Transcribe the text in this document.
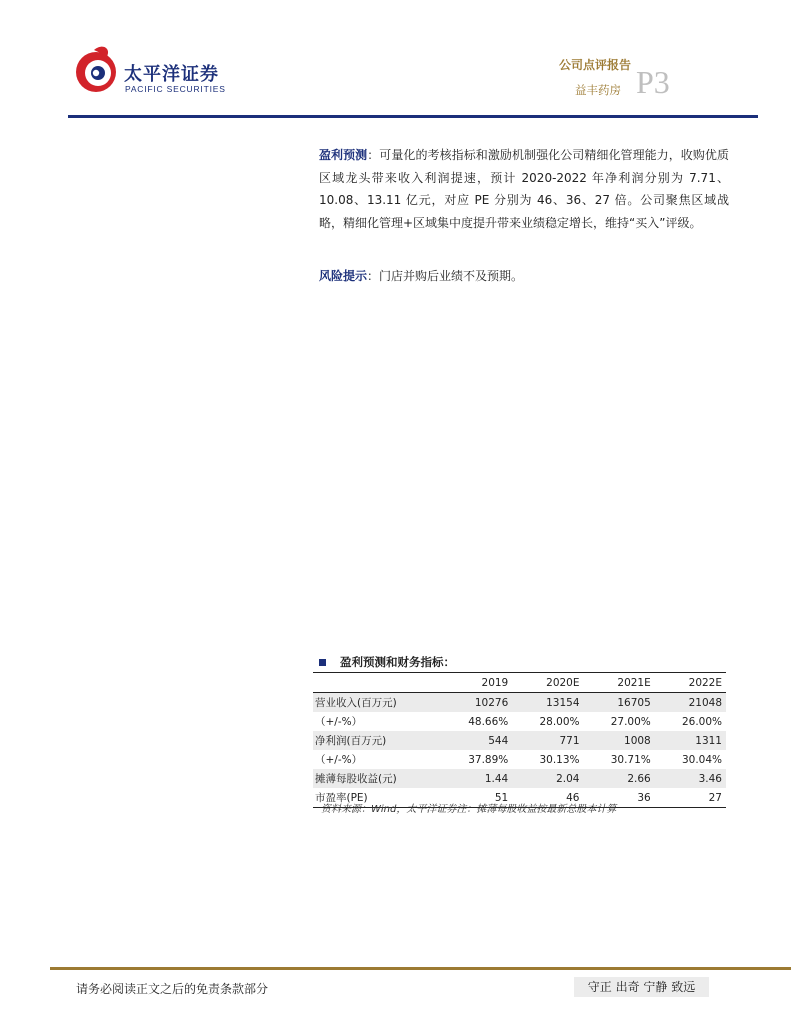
太平洋证券
PACIFIC SECURITIES
公司点评报告
益丰药房 P3
盈利预测：可量化的考核指标和激励机制强化公司精细化管理能力，收购优质区域龙头带来收入利润提速，预计 2020-2022 年净利润分别为 7.71、10.08、13.11 亿元，对应 PE 分别为 46、36、27 倍。公司聚焦区域战略，精细化管理+区域集中度提升带来业绩稳定增长，维持“买入”评级。
风险提示：门店并购后业绩不及预期。
盈利预测和财务指标：
	2019	2020E	2021E	2022E
营业收入(百万元)	10276	13154	16705	21048
（+/-%）	48.66%	28.00%	27.00%	26.00%
净利润(百万元)	544	771	1008	1311
（+/-%）	37.89%	30.13%	30.71%	30.04%
摊薄每股收益(元)	1.44	2.04	2.66	3.46
市盈率(PE)	51	46	36	27
资料来源：Wind，太平洋证券注：摊薄每股收益按最新总股本计算
请务必阅读正文之后的免责条款部分	守正 出奇 宁静 致远
